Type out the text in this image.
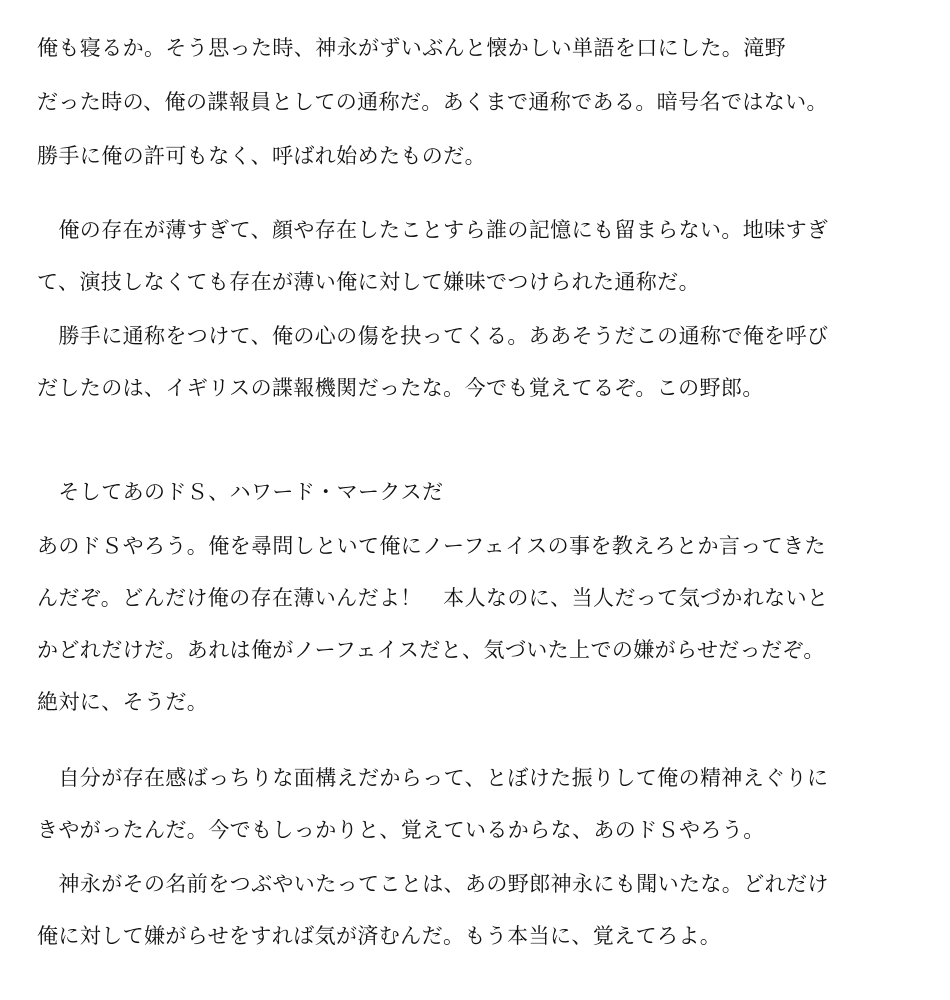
俺も寝るか。そう思った時、神永がずいぶんと懐かしい単語を口にした。滝野
だった時の、俺の諜報員としての通称だ。あくまで通称である。暗号名ではない。
勝手に俺の許可もなく、呼ばれ始めたものだ。
　俺の存在が薄すぎて、顔や存在したことすら誰の記憶にも留まらない。地味すぎ
て、演技しなくても存在が薄い俺に対して嫌味でつけられた通称だ。
　勝手に通称をつけて、俺の心の傷を抉ってくる。ああそうだこの通称で俺を呼び
だしたのは、イギリスの諜報機関だったな。今でも覚えてるぞ。この野郎。
　そしてあのドＳ、ハワード・マークスだ
あのドＳやろう。俺を尋問しといて俺にノーフェイスの事を教えろとか言ってきた
んだぞ。どんだけ俺の存在薄いんだよ！　本人なのに、当人だって気づかれないと
かどれだけだ。あれは俺がノーフェイスだと、気づいた上での嫌がらせだっだぞ。
絶対に、そうだ。
　自分が存在感ばっちりな面構えだからって、とぼけた振りして俺の精神えぐりに
きやがったんだ。今でもしっかりと、覚えているからな、あのドＳやろう。
　神永がその名前をつぶやいたってことは、あの野郎神永にも聞いたな。どれだけ
俺に対して嫌がらせをすれば気が済むんだ。もう本当に、覚えてろよ。
